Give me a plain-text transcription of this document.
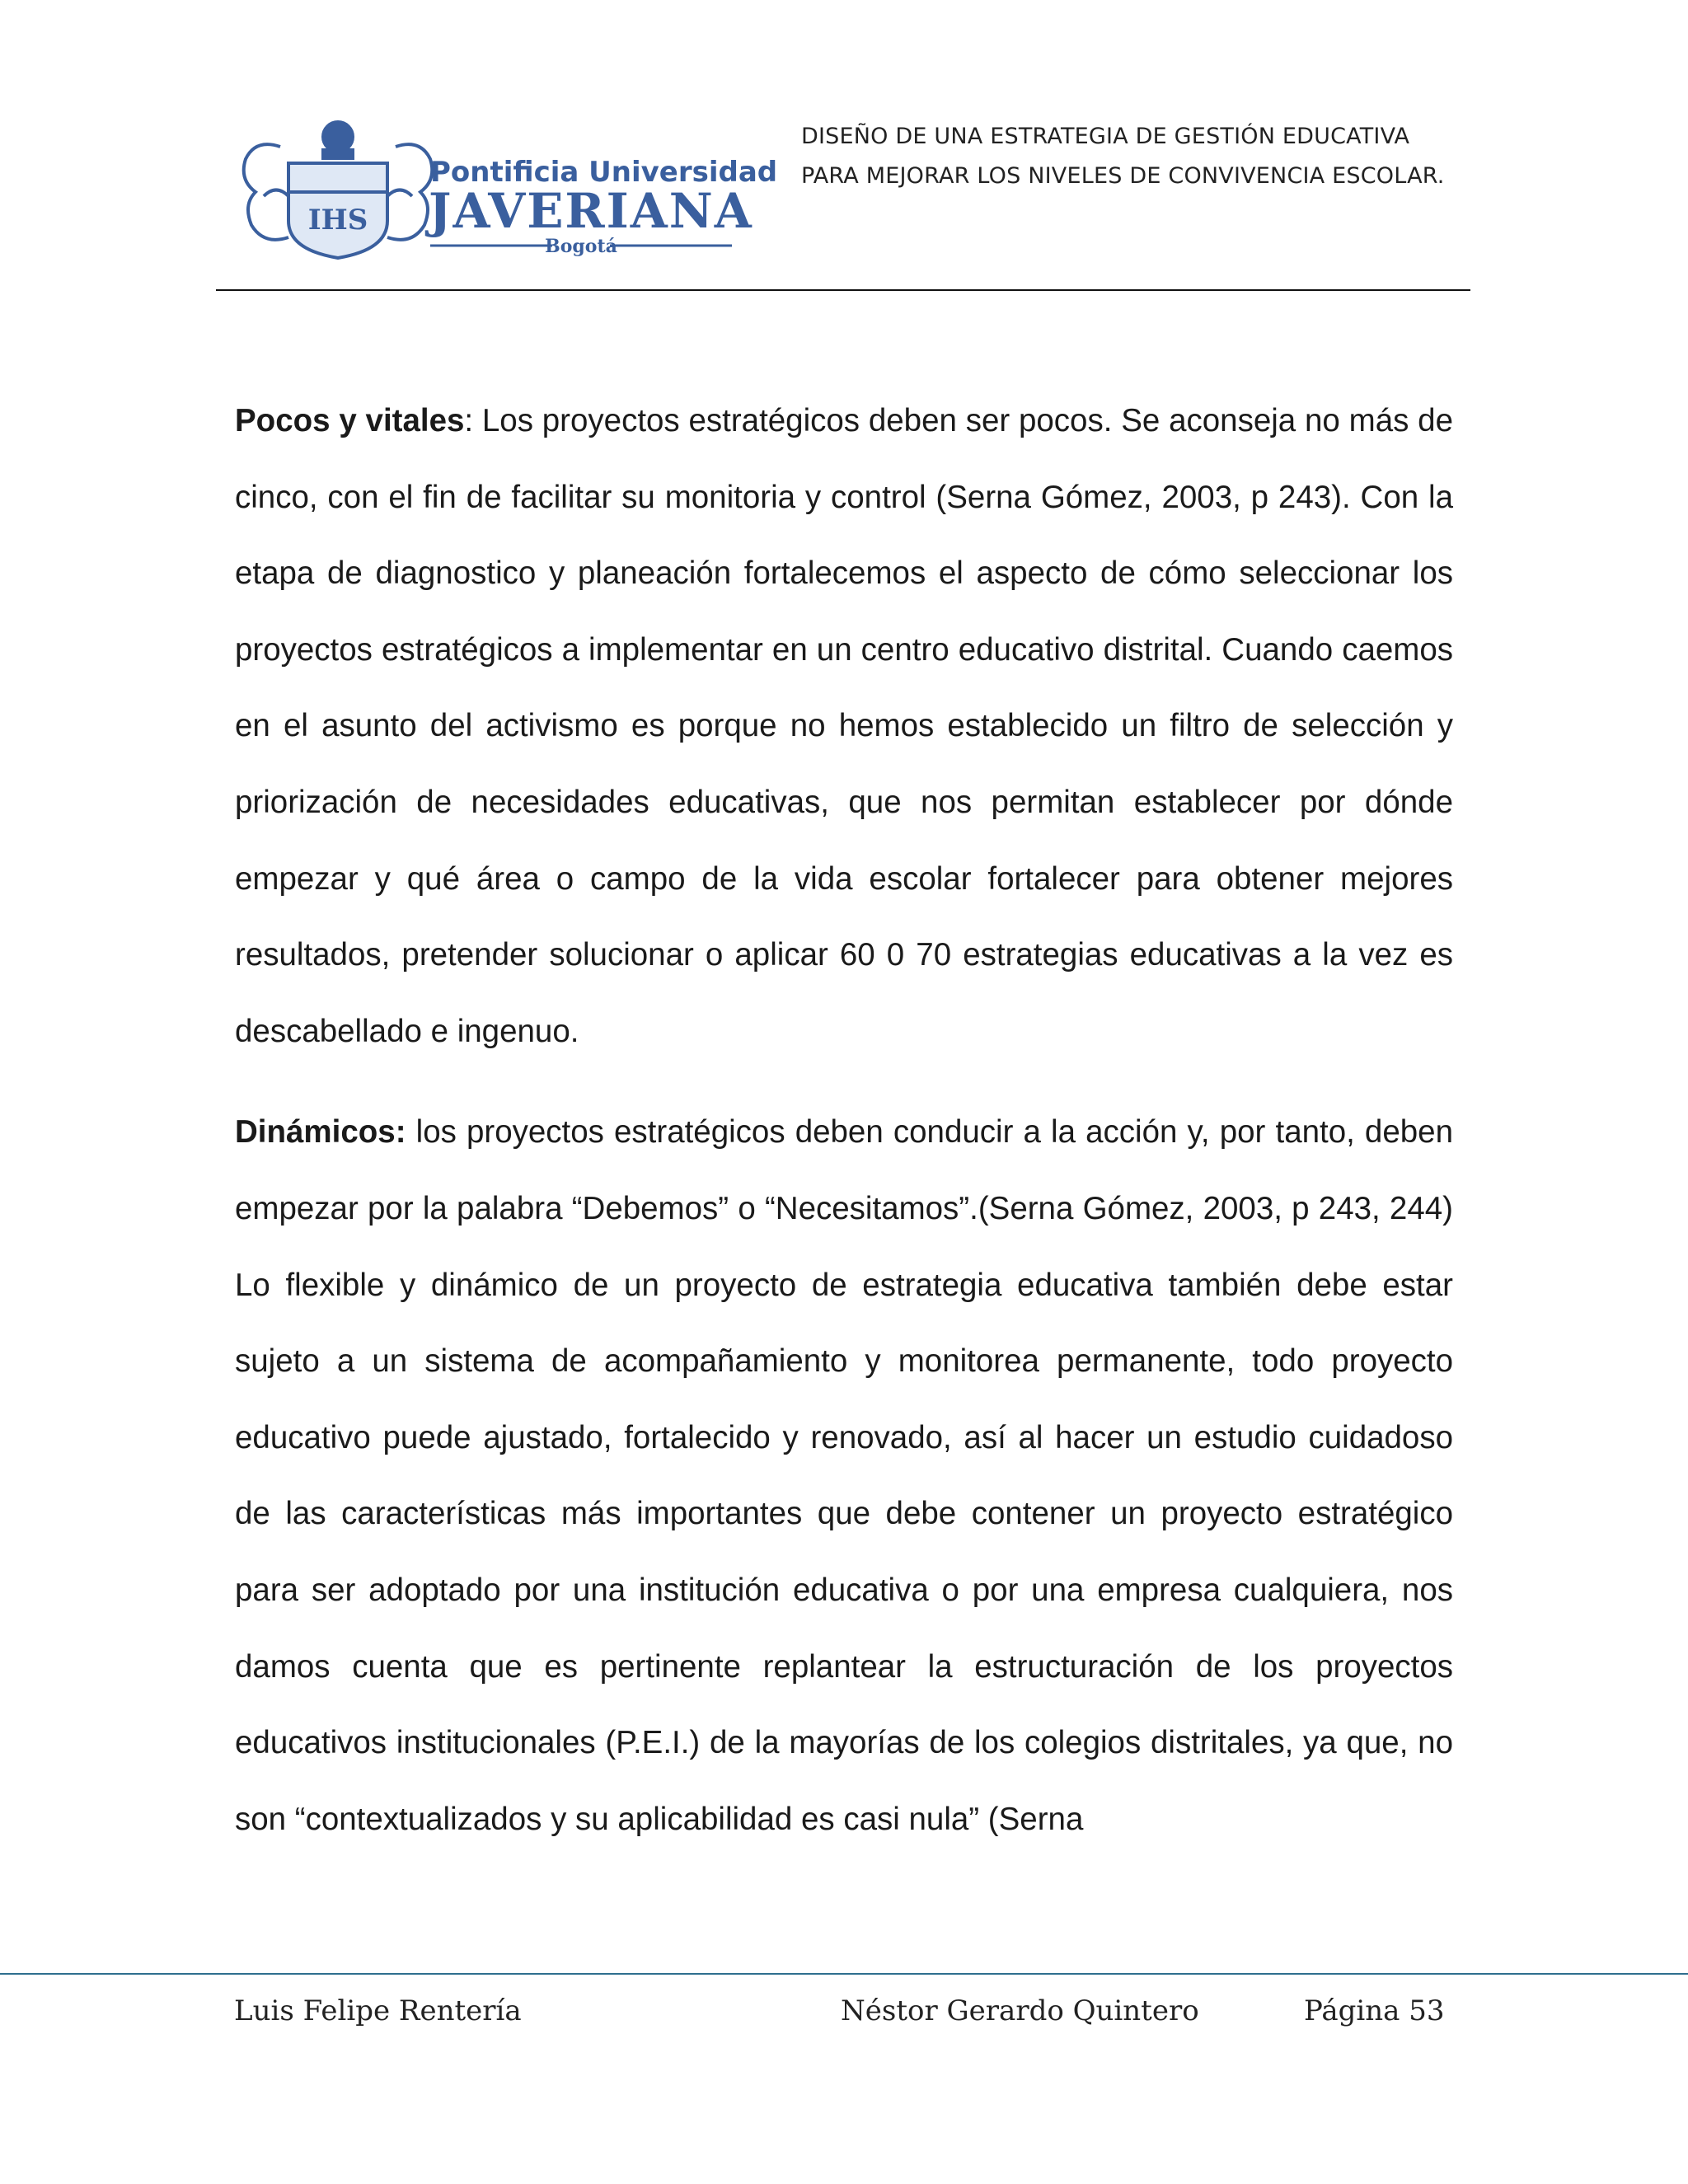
IHS
Pontificia Universidad
JAVERIANA
Bogotá
DISEÑO DE UNA ESTRATEGIA DE GESTIÓN EDUCATIVA
PARA MEJORAR LOS NIVELES DE CONVIVENCIA ESCOLAR.

Pocos y vitales: Los proyectos estratégicos deben ser pocos. Se aconseja no más de cinco, con el fin de facilitar su monitoria y control (Serna Gómez, 2003, p 243). Con la etapa de diagnostico y planeación fortalecemos el aspecto de cómo seleccionar los proyectos estratégicos a implementar en un centro educativo distrital. Cuando caemos en el asunto del activismo es porque no hemos establecido un filtro de selección y priorización de necesidades educativas, que nos permitan establecer por dónde empezar y qué área o campo de la vida escolar fortalecer para obtener mejores resultados, pretender solucionar o aplicar 60 0 70 estrategias educativas a la vez es descabellado e ingenuo.

Dinámicos: los proyectos estratégicos deben conducir a la acción y, por tanto, deben empezar por la palabra “Debemos” o “Necesitamos”.(Serna Gómez, 2003, p 243, 244) Lo flexible y dinámico de un proyecto de estrategia educativa también debe estar sujeto a un sistema de acompañamiento y monitorea permanente, todo proyecto educativo puede ajustado, fortalecido y renovado, así al hacer un estudio cuidadoso de las características más importantes que debe contener un proyecto estratégico para ser adoptado por una institución educativa o por una empresa cualquiera, nos damos cuenta que es pertinente replantear la estructuración de los proyectos educativos institucionales (P.E.I.) de la mayorías de los colegios distritales, ya que, no son “contextualizados y su aplicabilidad es casi nula” (Serna

Luis Felipe Rentería	Néstor Gerardo Quintero	Página 53
